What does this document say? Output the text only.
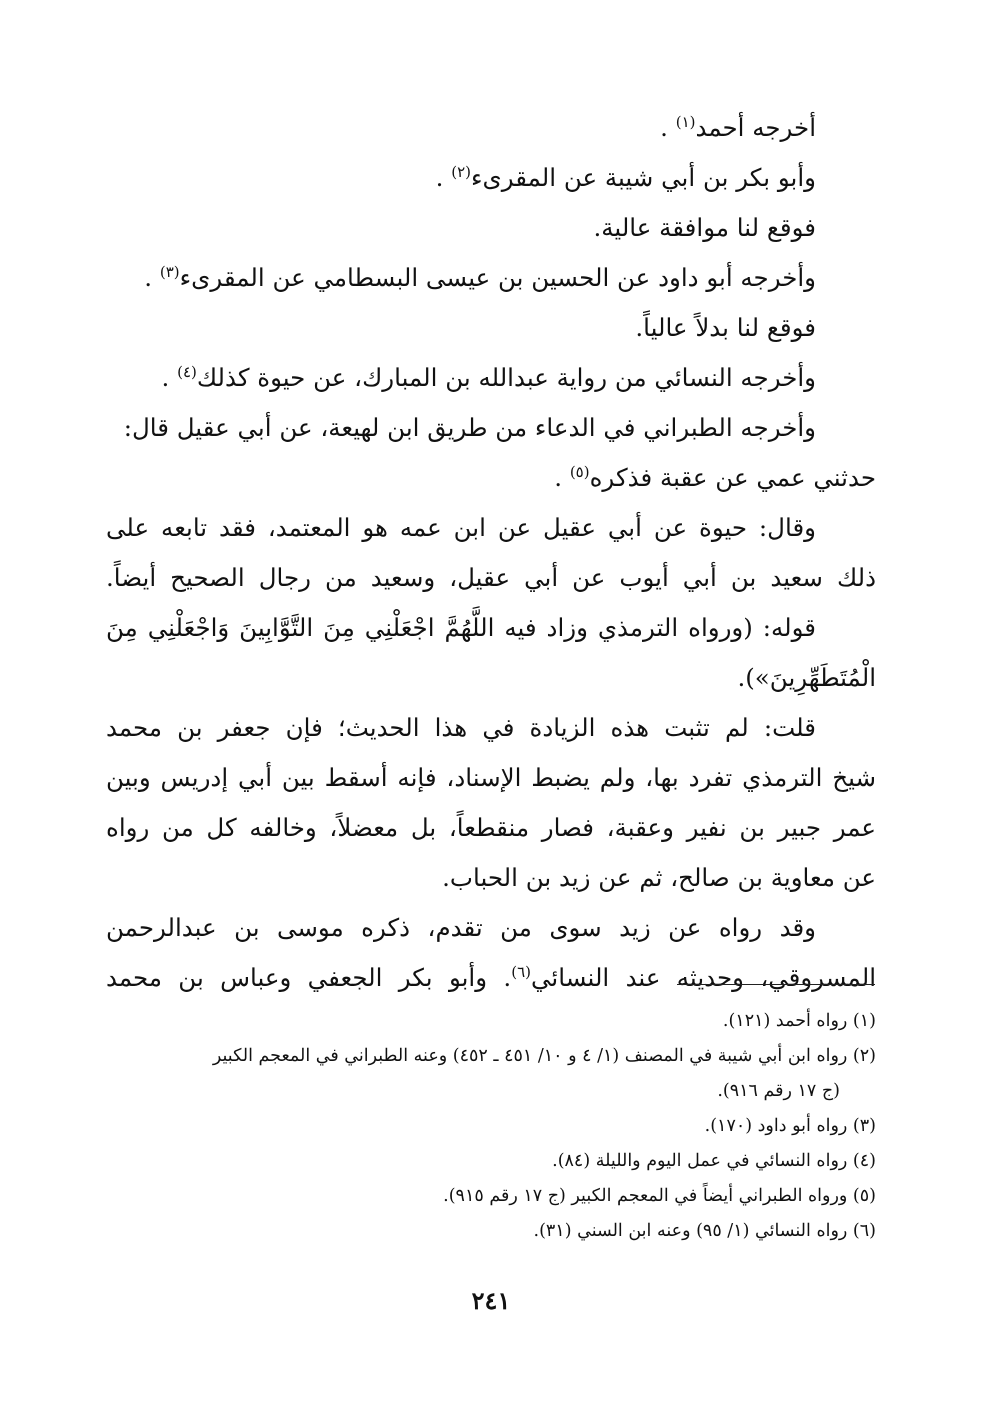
أخرجه أحمد$^{(١)}$ .
وأبو بكر بن أبي شيبة عن المقرىء$^{(٢)}$ .
فوقع لنا موافقة عالية.
وأخرجه أبو داود عن الحسين بن عيسى البسطامي عن المقرىء$^{(٣)}$ .
فوقع لنا بدلاً عالياً.
وأخرجه النسائي من رواية عبدالله بن المبارك، عن حيوة كذلك$^{(٤)}$ .
وأخرجه الطبراني في الدعاء من طريق ابن لهيعة، عن أبي عقيل قال:
حدثني عمي عن عقبة فذكره$^{(٥)}$ .
وقال: حيوة عن أبي عقيل عن ابن عمه هو المعتمد، فقد تابعه على
ذلك سعيد بن أبي أيوب عن أبي عقيل، وسعيد من رجال الصحيح أيضاً.
قوله: (ورواه الترمذي وزاد فيه اللَّهُمَّ اجْعَلْنِي مِنَ التَّوَّابِينَ وَاجْعَلْنِي مِنَ
الْمُتَطَهِّرِينَ»).
قلت: لم تثبت هذه الزيادة في هذا الحديث؛ فإن جعفر بن محمد
شيخ الترمذي تفرد بها، ولم يضبط الإسناد، فإنه أسقط بين أبي إدريس وبين
عمر جبير بن نفير وعقبة، فصار منقطعاً، بل معضلاً، وخالفه كل من رواه
عن معاوية بن صالح، ثم عن زيد بن الحباب.
وقد رواه عن زيد سوى من تقدم، ذكره موسى بن عبدالرحمن
المسروقي، وحديثه عند النسائي$^{(٦)}$. وأبو بكر الجعفي وعباس بن محمد
(١) رواه أحمد (١٢١).
(٢) رواه ابن أبي شيبة في المصنف (١/ ٤ و ١٠/ ٤٥١ ـ ٤٥٢) وعنه الطبراني في المعجم الكبير
(ج ١٧ رقم ٩١٦).
(٣) رواه أبو داود (١٧٠).
(٤) رواه النسائي في عمل اليوم والليلة (٨٤).
(٥) ورواه الطبراني أيضاً في المعجم الكبير (ج ١٧ رقم ٩١٥).
(٦) رواه النسائي (١/ ٩٥) وعنه ابن السني (٣١).
٢٤١
